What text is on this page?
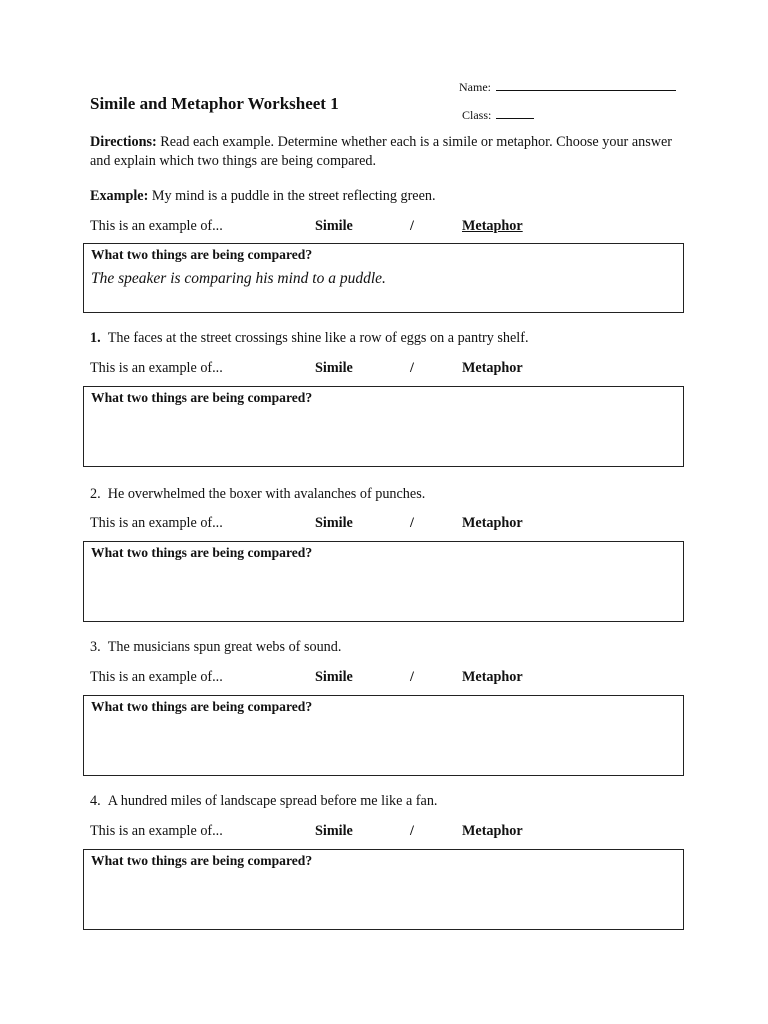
Name:
Class:
Simile and Metaphor Worksheet 1
Directions: Read each example. Determine whether each is a simile or metaphor. Choose your answer and explain which two things are being compared.
Example: My mind is a puddle in the street reflecting green.
This is an example of...	Simile	/	Metaphor
What two things are being compared?
The speaker is comparing his mind to a puddle.
1. The faces at the street crossings shine like a row of eggs on a pantry shelf.
This is an example of...	Simile	/	Metaphor
What two things are being compared?
2. He overwhelmed the boxer with avalanches of punches.
This is an example of...	Simile	/	Metaphor
What two things are being compared?
3. The musicians spun great webs of sound.
This is an example of...	Simile	/	Metaphor
What two things are being compared?
4. A hundred miles of landscape spread before me like a fan.
This is an example of...	Simile	/	Metaphor
What two things are being compared?
